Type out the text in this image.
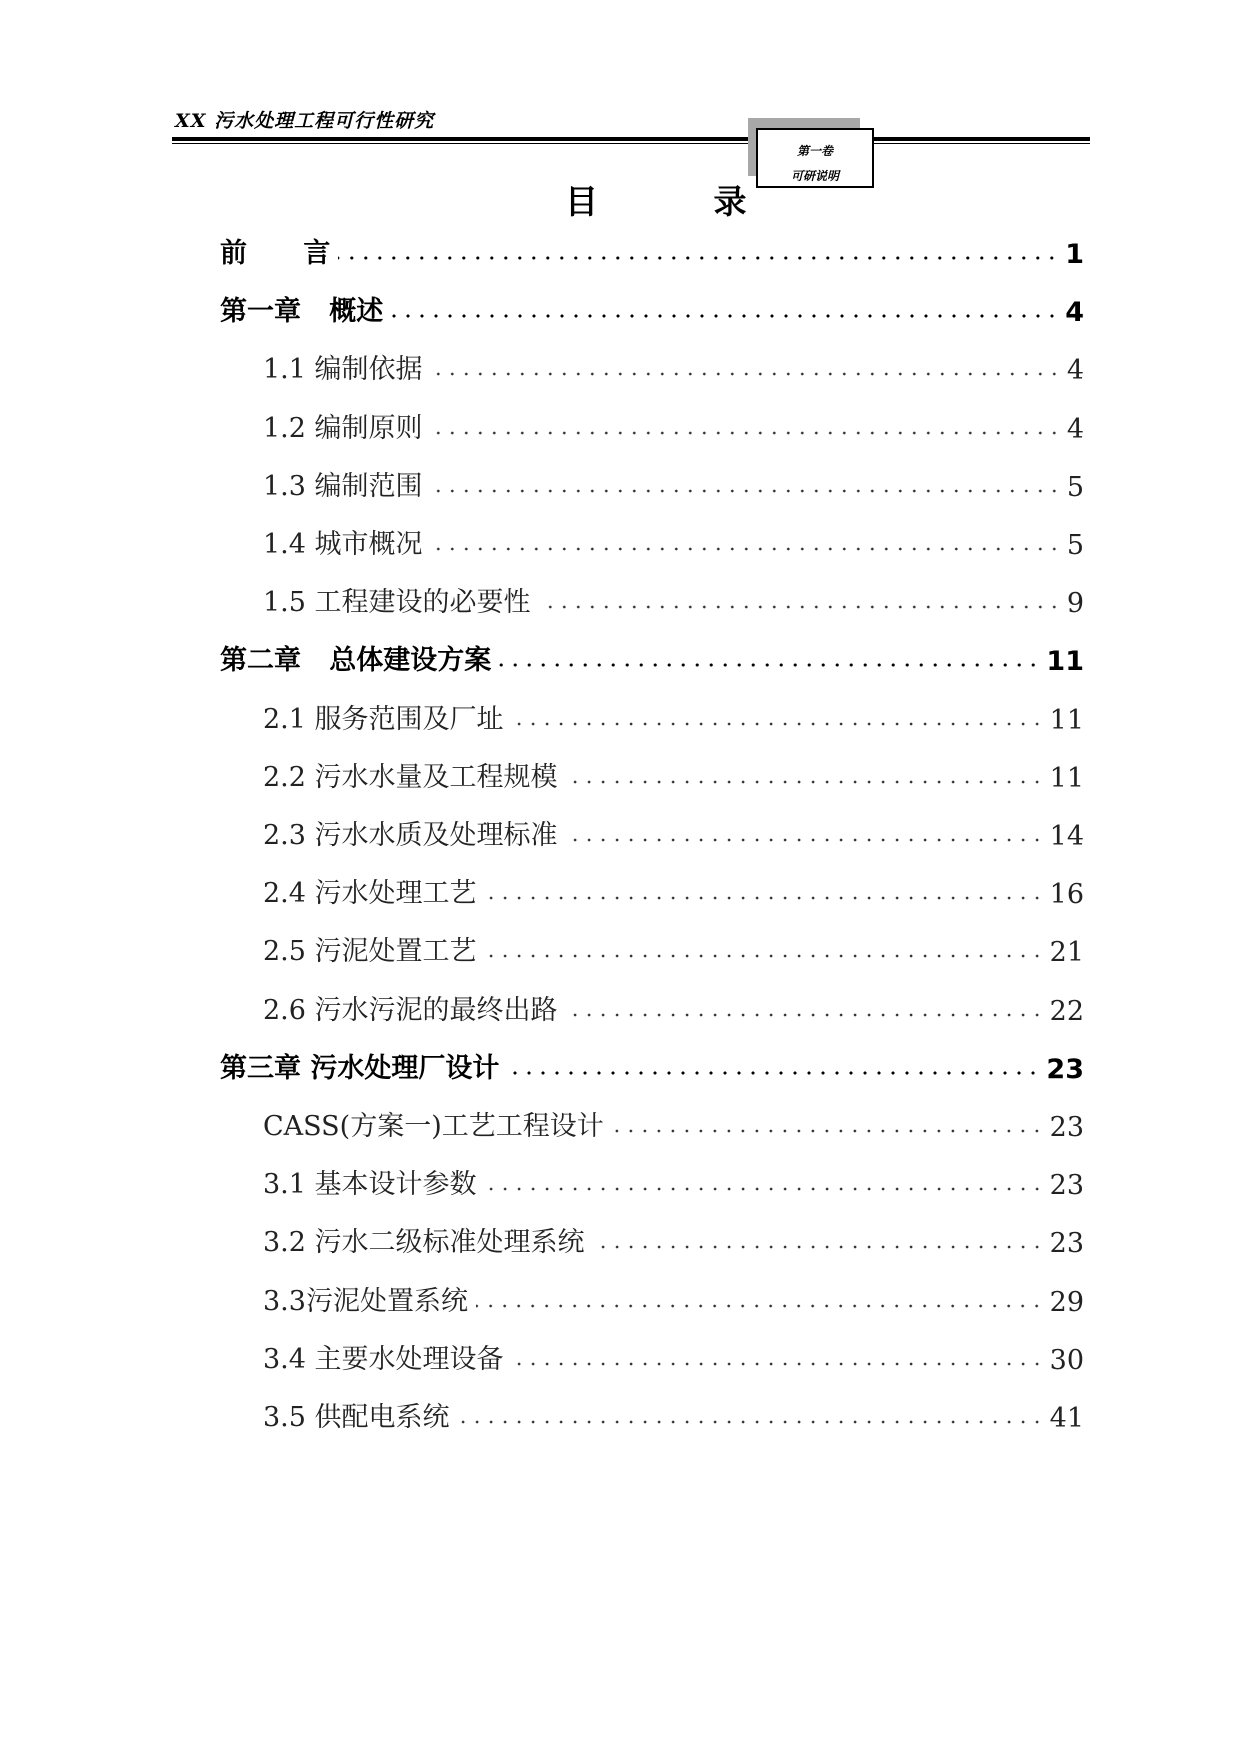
XX 污水处理工程可行性研究
第一卷
可研说明
目 录
前      言	1
第一章   概述	4
1.1 编制依据	4
1.2 编制原则	4
1.3 编制范围	5
1.4 城市概况	5
1.5 工程建设的必要性	9
第二章   总体建设方案	11
2.1 服务范围及厂址	11
2.2 污水水量及工程规模	11
2.3 污水水质及处理标准	14
2.4 污水处理工艺	16
2.5 污泥处置工艺	21
2.6 污水污泥的最终出路	22
第三章 污水处理厂设计	23
CASS(方案一)工艺工程设计	23
3.1 基本设计参数	23
3.2 污水二级标准处理系统	23
3.3污泥处置系统	29
3.4 主要水处理设备	30
3.5 供配电系统	41
